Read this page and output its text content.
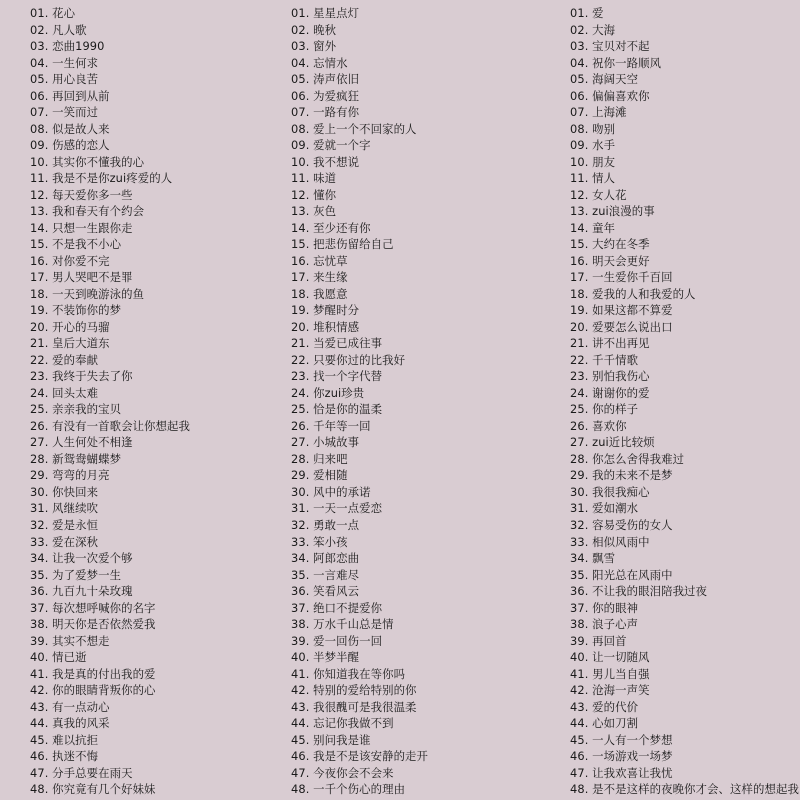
01. 花心
02. 凡人歌
03. 恋曲1990
04. 一生何求
05. 用心良苦
06. 再回到从前
07. 一笑而过
08. 似是故人来
09. 伤感的恋人
10. 其实你不懂我的心
11. 我是不是你zui疼爱的人
12. 每天爱你多一些
13. 我和春天有个约会
14. 只想一生跟你走
15. 不是我不小心
16. 对你爱不完
17. 男人哭吧不是罪
18. 一天到晚游泳的鱼
19. 不装饰你的梦
20. 开心的马骝
21. 皇后大道东
22. 爱的奉献
23. 我终于失去了你
24. 回头太难
25. 亲亲我的宝贝
26. 有没有一首歌会让你想起我
27. 人生何处不相逢
28. 新鸳鸯蝴蝶梦
29. 弯弯的月亮
30. 你快回来
31. 风继续吹
32. 爱是永恒
33. 爱在深秋
34. 让我一次爱个够
35. 为了爱梦一生
36. 九百九十朵玫瑰
37. 每次想呼喊你的名字
38. 明天你是否依然爱我
39. 其实不想走
40. 情已逝
41. 我是真的付出我的爱
42. 你的眼睛背叛你的心
43. 有一点动心
44. 真我的风采
45. 难以抗拒
46. 执迷不悔
47. 分手总要在雨天
48. 你究竟有几个好妹妹
01. 星星点灯
02. 晚秋
03. 窗外
04. 忘情水
05. 涛声依旧
06. 为爱疯狂
07. 一路有你
08. 爱上一个不回家的人
09. 爱就一个字
10. 我不想说
11. 味道
12. 懂你
13. 灰色
14. 至少还有你
15. 把悲伤留给自己
16. 忘忧草
17. 来生缘
18. 我愿意
19. 梦醒时分
20. 堆积情感
21. 当爱已成往事
22. 只要你过的比我好
23. 找一个字代替
24. 你zui珍贵
25. 恰是你的温柔
26. 千年等一回
27. 小城故事
28. 归来吧
29. 爱相随
30. 风中的承诺
31. 一天一点爱恋
32. 勇敢一点
33. 笨小孩
34. 阿郎恋曲
35. 一言难尽
36. 笑看风云
37. 绝口不提爱你
38. 万水千山总是情
39. 爱一回伤一回
40. 半梦半醒
41. 你知道我在等你吗
42. 特别的爱给特别的你
43. 我很醜可是我很温柔
44. 忘记你我做不到
45. 别问我是谁
46. 我是不是该安静的走开
47. 今夜你会不会来
48. 一千个伤心的理由
01. 爱
02. 大海
03. 宝贝对不起
04. 祝你一路顺风
05. 海阔天空
06. 偏偏喜欢你
07. 上海滩
08. 吻别
09. 水手
10. 朋友
11. 情人
12. 女人花
13. zui浪漫的事
14. 童年
15. 大约在冬季
16. 明天会更好
17. 一生爱你千百回
18. 爱我的人和我爱的人
19. 如果这都不算爱
20. 爱要怎么说出口
21. 讲不出再见
22. 千千情歌
23. 别怕我伤心
24. 谢谢你的爱
25. 你的样子
26. 喜欢你
27. zui近比较烦
28. 你怎么舍得我难过
29. 我的未来不是梦
30. 我很我痴心
31. 爱如潮水
32. 容易受伤的女人
33. 相似风雨中
34. 飘雪
35. 阳光总在风雨中
36. 不让我的眼泪陪我过夜
37. 你的眼神
38. 浪子心声
39. 再回首
40. 让一切随风
41. 男儿当自强
42. 沧海一声笑
43. 爱的代价
44. 心如刀割
45. 一人有一个梦想
46. 一场游戏一场梦
47. 让我欢喜让我忧
48. 是不是这样的夜晚你才会、这样的想起我
